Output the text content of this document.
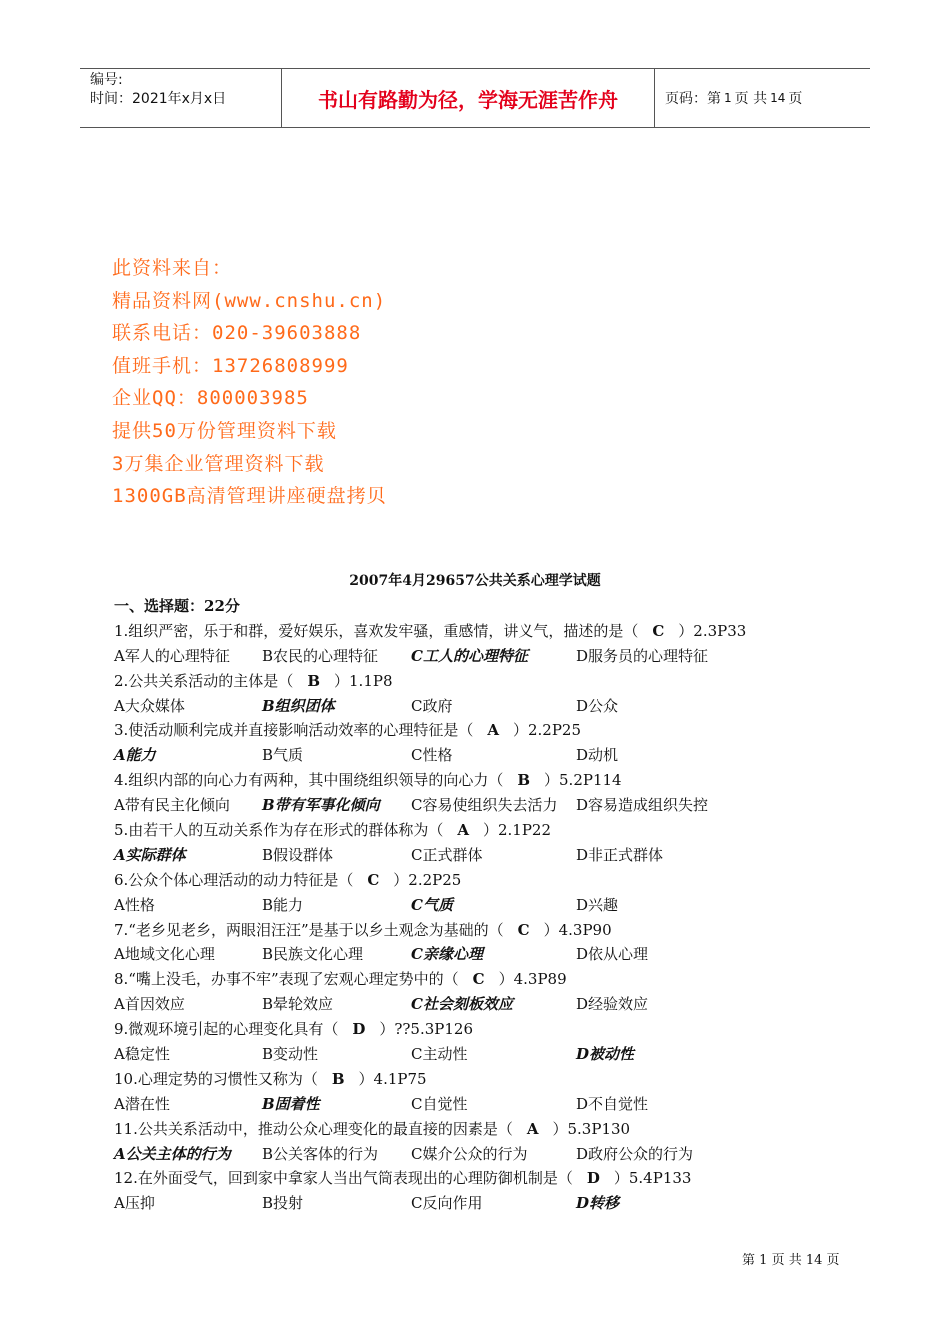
编号:
时间：2021年x月x日	书山有路勤为径，学海无涯苦作舟	页码：第 1 页 共 14 页
此资料来自：
精品资料网(www.cnshu.cn)
联系电话：020-39603888
值班手机：13726808999
企业QQ：800003985
提供50万份管理资料下载
3万集企业管理资料下载
1300GB高清管理讲座硬盘拷贝
2007年4月29657公共关系心理学试题
一、选择题：22分
1.组织严密，乐于和群，爱好娱乐，喜欢发牢骚，重感情，讲义气，描述的是（ C ）2.3P33
A军人的心理特征 B农民的心理特征 C工人的心理特征	D服务员的心理特征
2.公共关系活动的主体是（ B ）1.1P8
A大众媒体	B组织团体	C政府	D公众
3.使活动顺利完成并直接影响活动效率的心理特征是（ A ）2.2P25
A能力	B气质	C性格	D动机
4.组织内部的向心力有两种，其中围绕组织领导的向心力（ B ）5.2P114
A带有民主化倾向 B带有军事化倾向 C容易使组织失去活力 D容易造成组织失控
5.由若干人的互动关系作为存在形式的群体称为（ A ）2.1P22
A实际群体	B假设群体	C正式群体	D非正式群体
6.公众个体心理活动的动力特征是（ C ）2.2P25
A性格	B能力	C气质	D兴趣
7.“老乡见老乡，两眼泪汪汪”是基于以乡土观念为基础的（ C ）4.3P90
A地域文化心理	B民族文化心理	C亲缘心理	D依从心理
8.“嘴上没毛，办事不牢”表现了宏观心理定势中的（ C ）4.3P89
A首因效应	B晕轮效应	C社会刻板效应	D经验效应
9.微观环境引起的心理变化具有（ D ）??5.3P126
A稳定性	B变动性	C主动性	D被动性
10.心理定势的习惯性又称为（ B ）4.1P75
A潜在性	B固着性	C自觉性	D不自觉性
11.公共关系活动中，推动公众心理变化的最直接的因素是（ A ）5.3P130
A公关主体的行为 B公关客体的行为 C媒介公众的行为	D政府公众的行为
12.在外面受气，回到家中拿家人当出气筒表现出的心理防御机制是（ D ）5.4P133
A压抑	B投射	C反向作用	D转移
第 1 页 共 14 页
